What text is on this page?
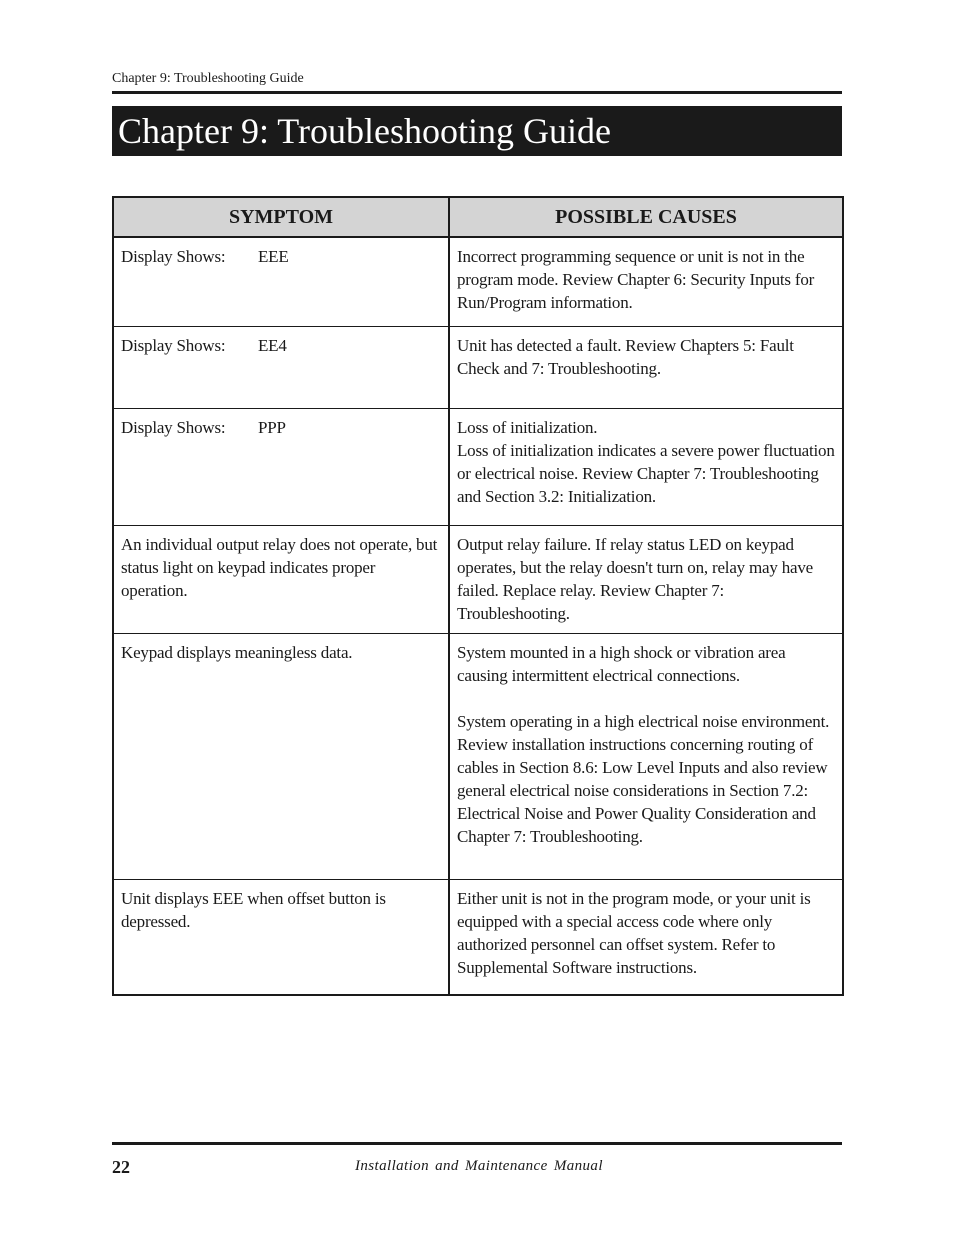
Chapter 9: Troubleshooting Guide
Chapter 9: Troubleshooting Guide
SYMPTOM	POSSIBLE CAUSES
Display Shows: EEE	Incorrect programming sequence or unit is not in the program mode. Review Chapter 6: Security Inputs for Run/Program information.

Display Shows: EE4	Unit has detected a fault. Review Chapters 5: Fault Check and 7: Troubleshooting.

Display Shows: PPP	Loss of initialization.
Loss of initialization indicates a severe power fluctuation or electrical noise. Review Chapter 7: Troubleshooting and Section 3.2: Initialization.

An individual output relay does not operate, but status light on keypad indicates proper operation.	Output relay failure. If relay status LED on keypad operates, but the relay doesn't turn on, relay may have failed. Replace relay. Review Chapter 7: Troubleshooting.

Keypad displays meaningless data.	System mounted in a high shock or vibration area causing intermittent electrical connections.
System operating in a high electrical noise environment. Review installation instructions concerning routing of cables in Section 8.6: Low Level Inputs and also review general electrical noise considerations in Section 7.2: Electrical Noise and Power Quality Consideration and Chapter 7: Troubleshooting.

Unit displays EEE when offset button is depressed.	Either unit is not in the program mode, or your unit is equipped with a special access code where only authorized personnel can offset system. Refer to Supplemental Software instructions.
22	Installation and Maintenance Manual
